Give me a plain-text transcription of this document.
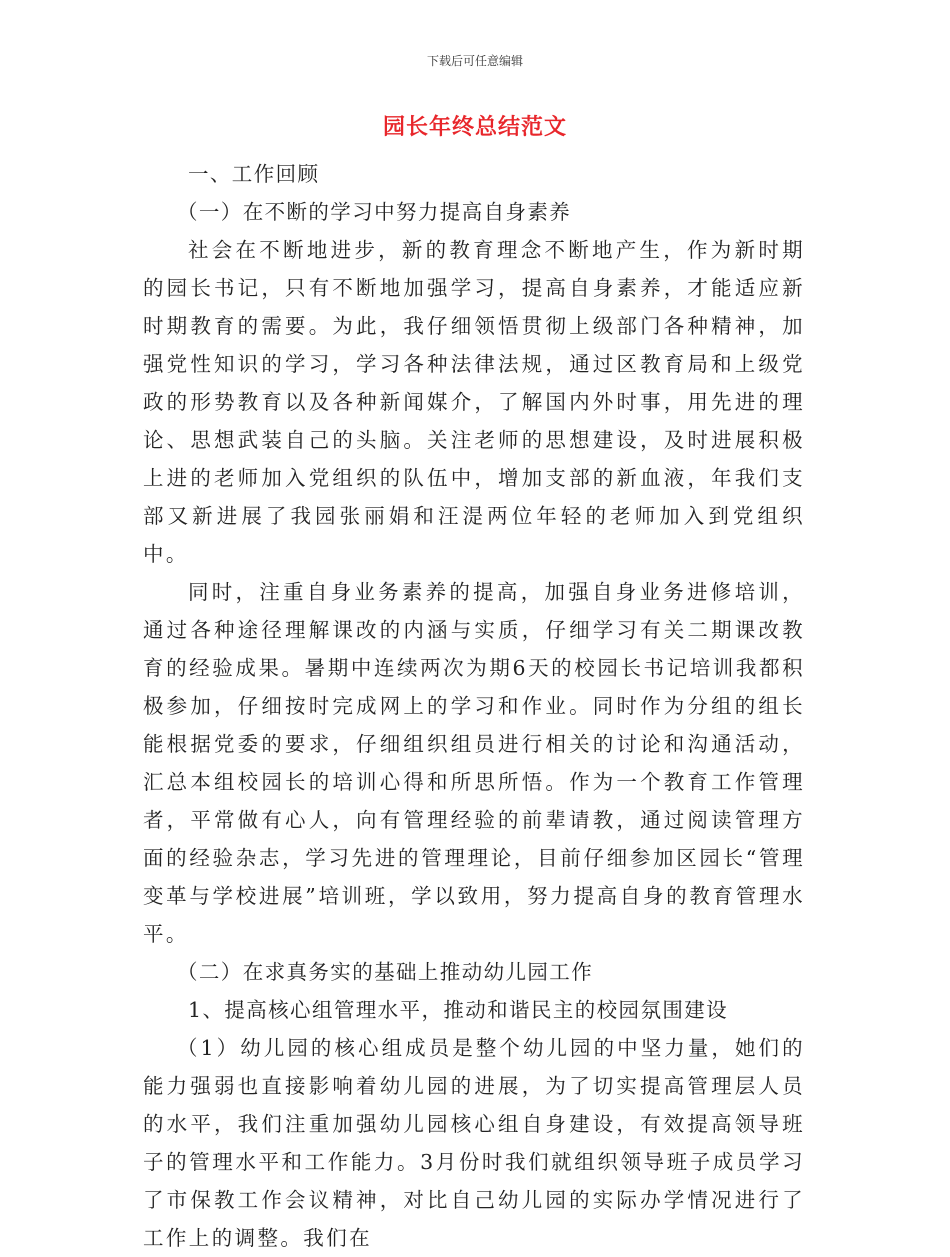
下载后可任意编辑
园长年终总结范文

一、工作回顾

（一）在不断的学习中努力提高自身素养

社会在不断地进步，新的教育理念不断地产生，作为新时期的园长书记，只有不断地加强学习，提高自身素养，才能适应新时期教育的需要。为此，我仔细领悟贯彻上级部门各种精神，加强党性知识的学习，学习各种法律法规，通过区教育局和上级党政的形势教育以及各种新闻媒介，了解国内外时事，用先进的理论、思想武装自己的头脑。关注老师的思想建设，及时进展积极上进的老师加入党组织的队伍中，增加支部的新血液，年我们支部又新进展了我园张丽娟和汪湜两位年轻的老师加入到党组织中。

同时，注重自身业务素养的提高，加强自身业务进修培训，通过各种途径理解课改的内涵与实质，仔细学习有关二期课改教育的经验成果。暑期中连续两次为期6天的校园长书记培训我都积极参加，仔细按时完成网上的学习和作业。同时作为分组的组长能根据党委的要求，仔细组织组员进行相关的讨论和沟通活动，汇总本组校园长的培训心得和所思所悟。作为一个教育工作管理者，平常做有心人，向有管理经验的前辈请教，通过阅读管理方面的经验杂志，学习先进的管理理论，目前仔细参加区园长“管理变革与学校进展”培训班，学以致用，努力提高自身的教育管理水平。

（二）在求真务实的基础上推动幼儿园工作

1、提高核心组管理水平，推动和谐民主的校园氛围建设

（1）幼儿园的核心组成员是整个幼儿园的中坚力量，她们的能力强弱也直接影响着幼儿园的进展，为了切实提高管理层人员的水平，我们注重加强幼儿园核心组自身建设，有效提高领导班子的管理水平和工作能力。3月份时我们就组织领导班子成员学习了市保教工作会议精神，对比自己幼儿园的实际办学情况进行了工作上的调整。我们在
